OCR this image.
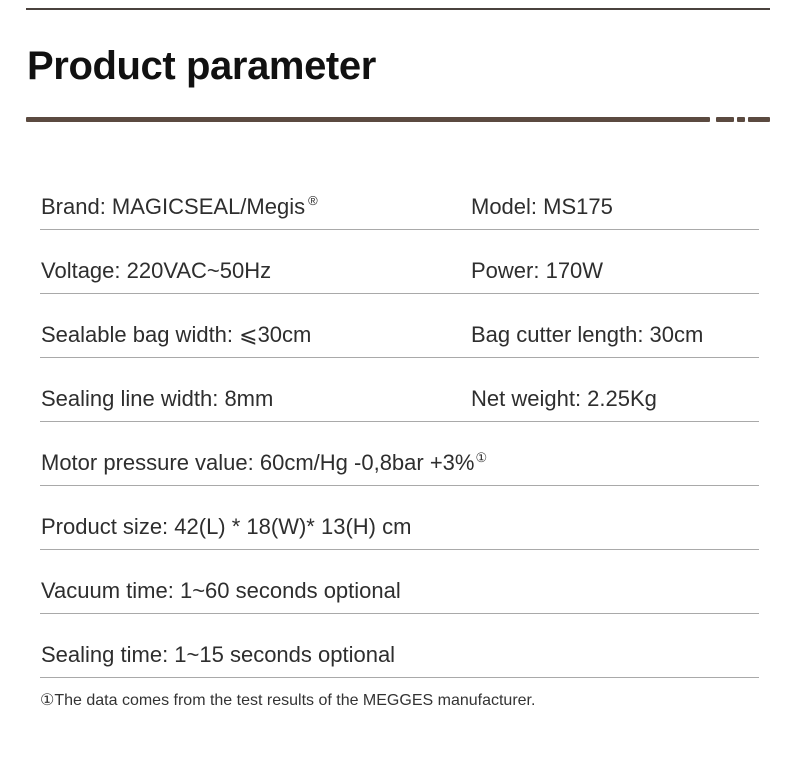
Product parameter
Brand: MAGICSEAL/Megis ®	Model: MS175
Voltage: 220VAC~50Hz	Power: 170W
Sealable bag width: ⩽30cm	Bag cutter length: 30cm
Sealing line width: 8mm	Net weight: 2.25Kg
Motor pressure value: 60cm/Hg -0,8bar +3%①
Product size: 42(L) * 18(W)* 13(H) cm
Vacuum time: 1~60 seconds optional
Sealing time: 1~15 seconds optional
①The data comes from the test results of the MEGGES manufacturer.
